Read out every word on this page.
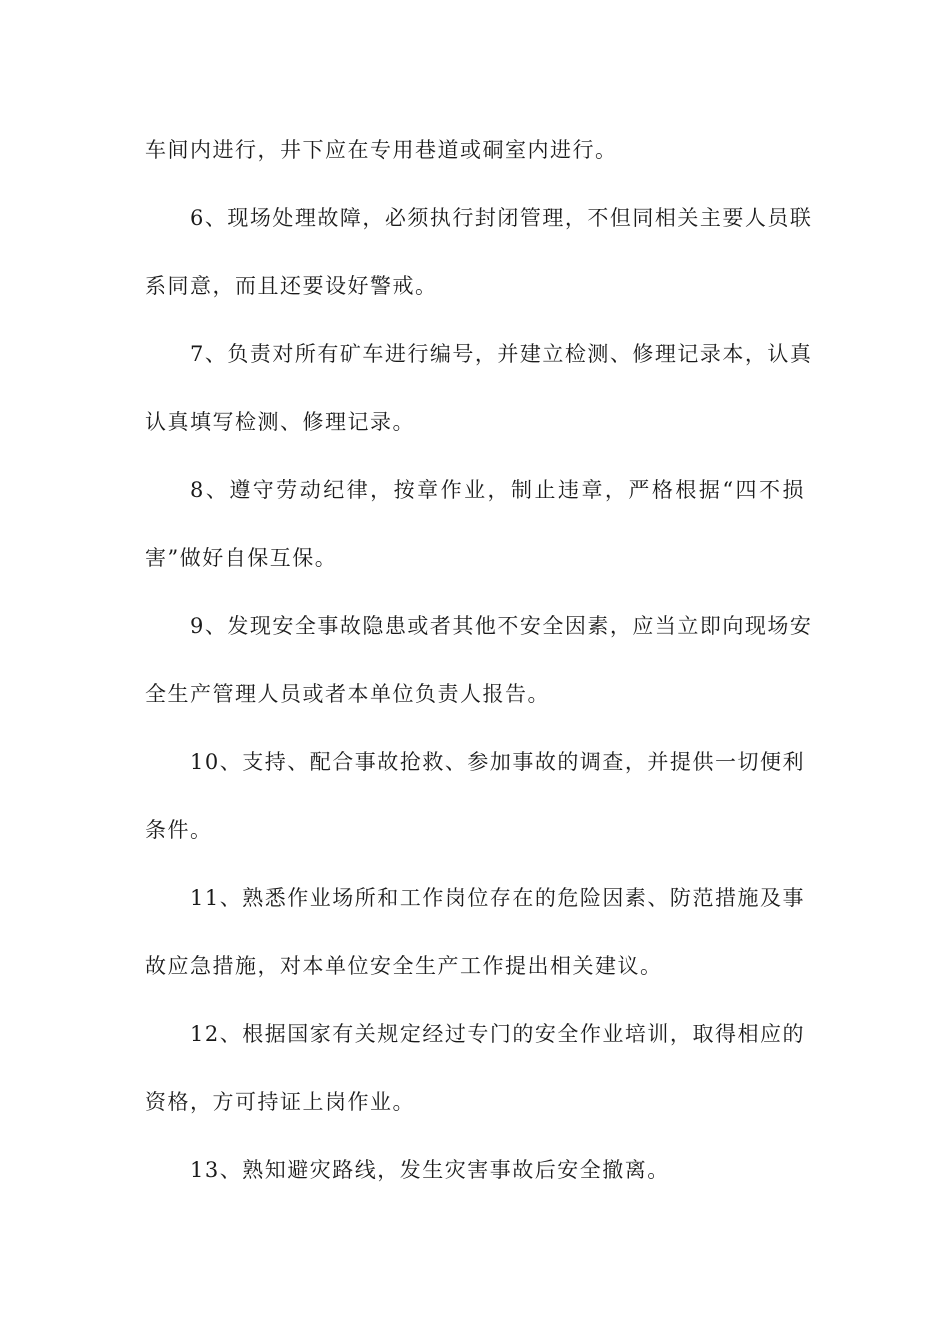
车间内进行，井下应在专用巷道或硐室内进行。
6、现场处理故障，必须执行封闭管理，不但同相关主要人员联
系同意，而且还要设好警戒。
7、负责对所有矿车进行编号，并建立检测、修理记录本，认真
认真填写检测、修理记录。
8、遵守劳动纪律，按章作业，制止违章，严格根据“四不损
害”做好自保互保。
9、发现安全事故隐患或者其他不安全因素，应当立即向现场安
全生产管理人员或者本单位负责人报告。
10、支持、配合事故抢救、参加事故的调查，并提供一切便利
条件。
11、熟悉作业场所和工作岗位存在的危险因素、防范措施及事
故应急措施，对本单位安全生产工作提出相关建议。
12、根据国家有关规定经过专门的安全作业培训，取得相应的
资格，方可持证上岗作业。
13、熟知避灾路线，发生灾害事故后安全撤离。
